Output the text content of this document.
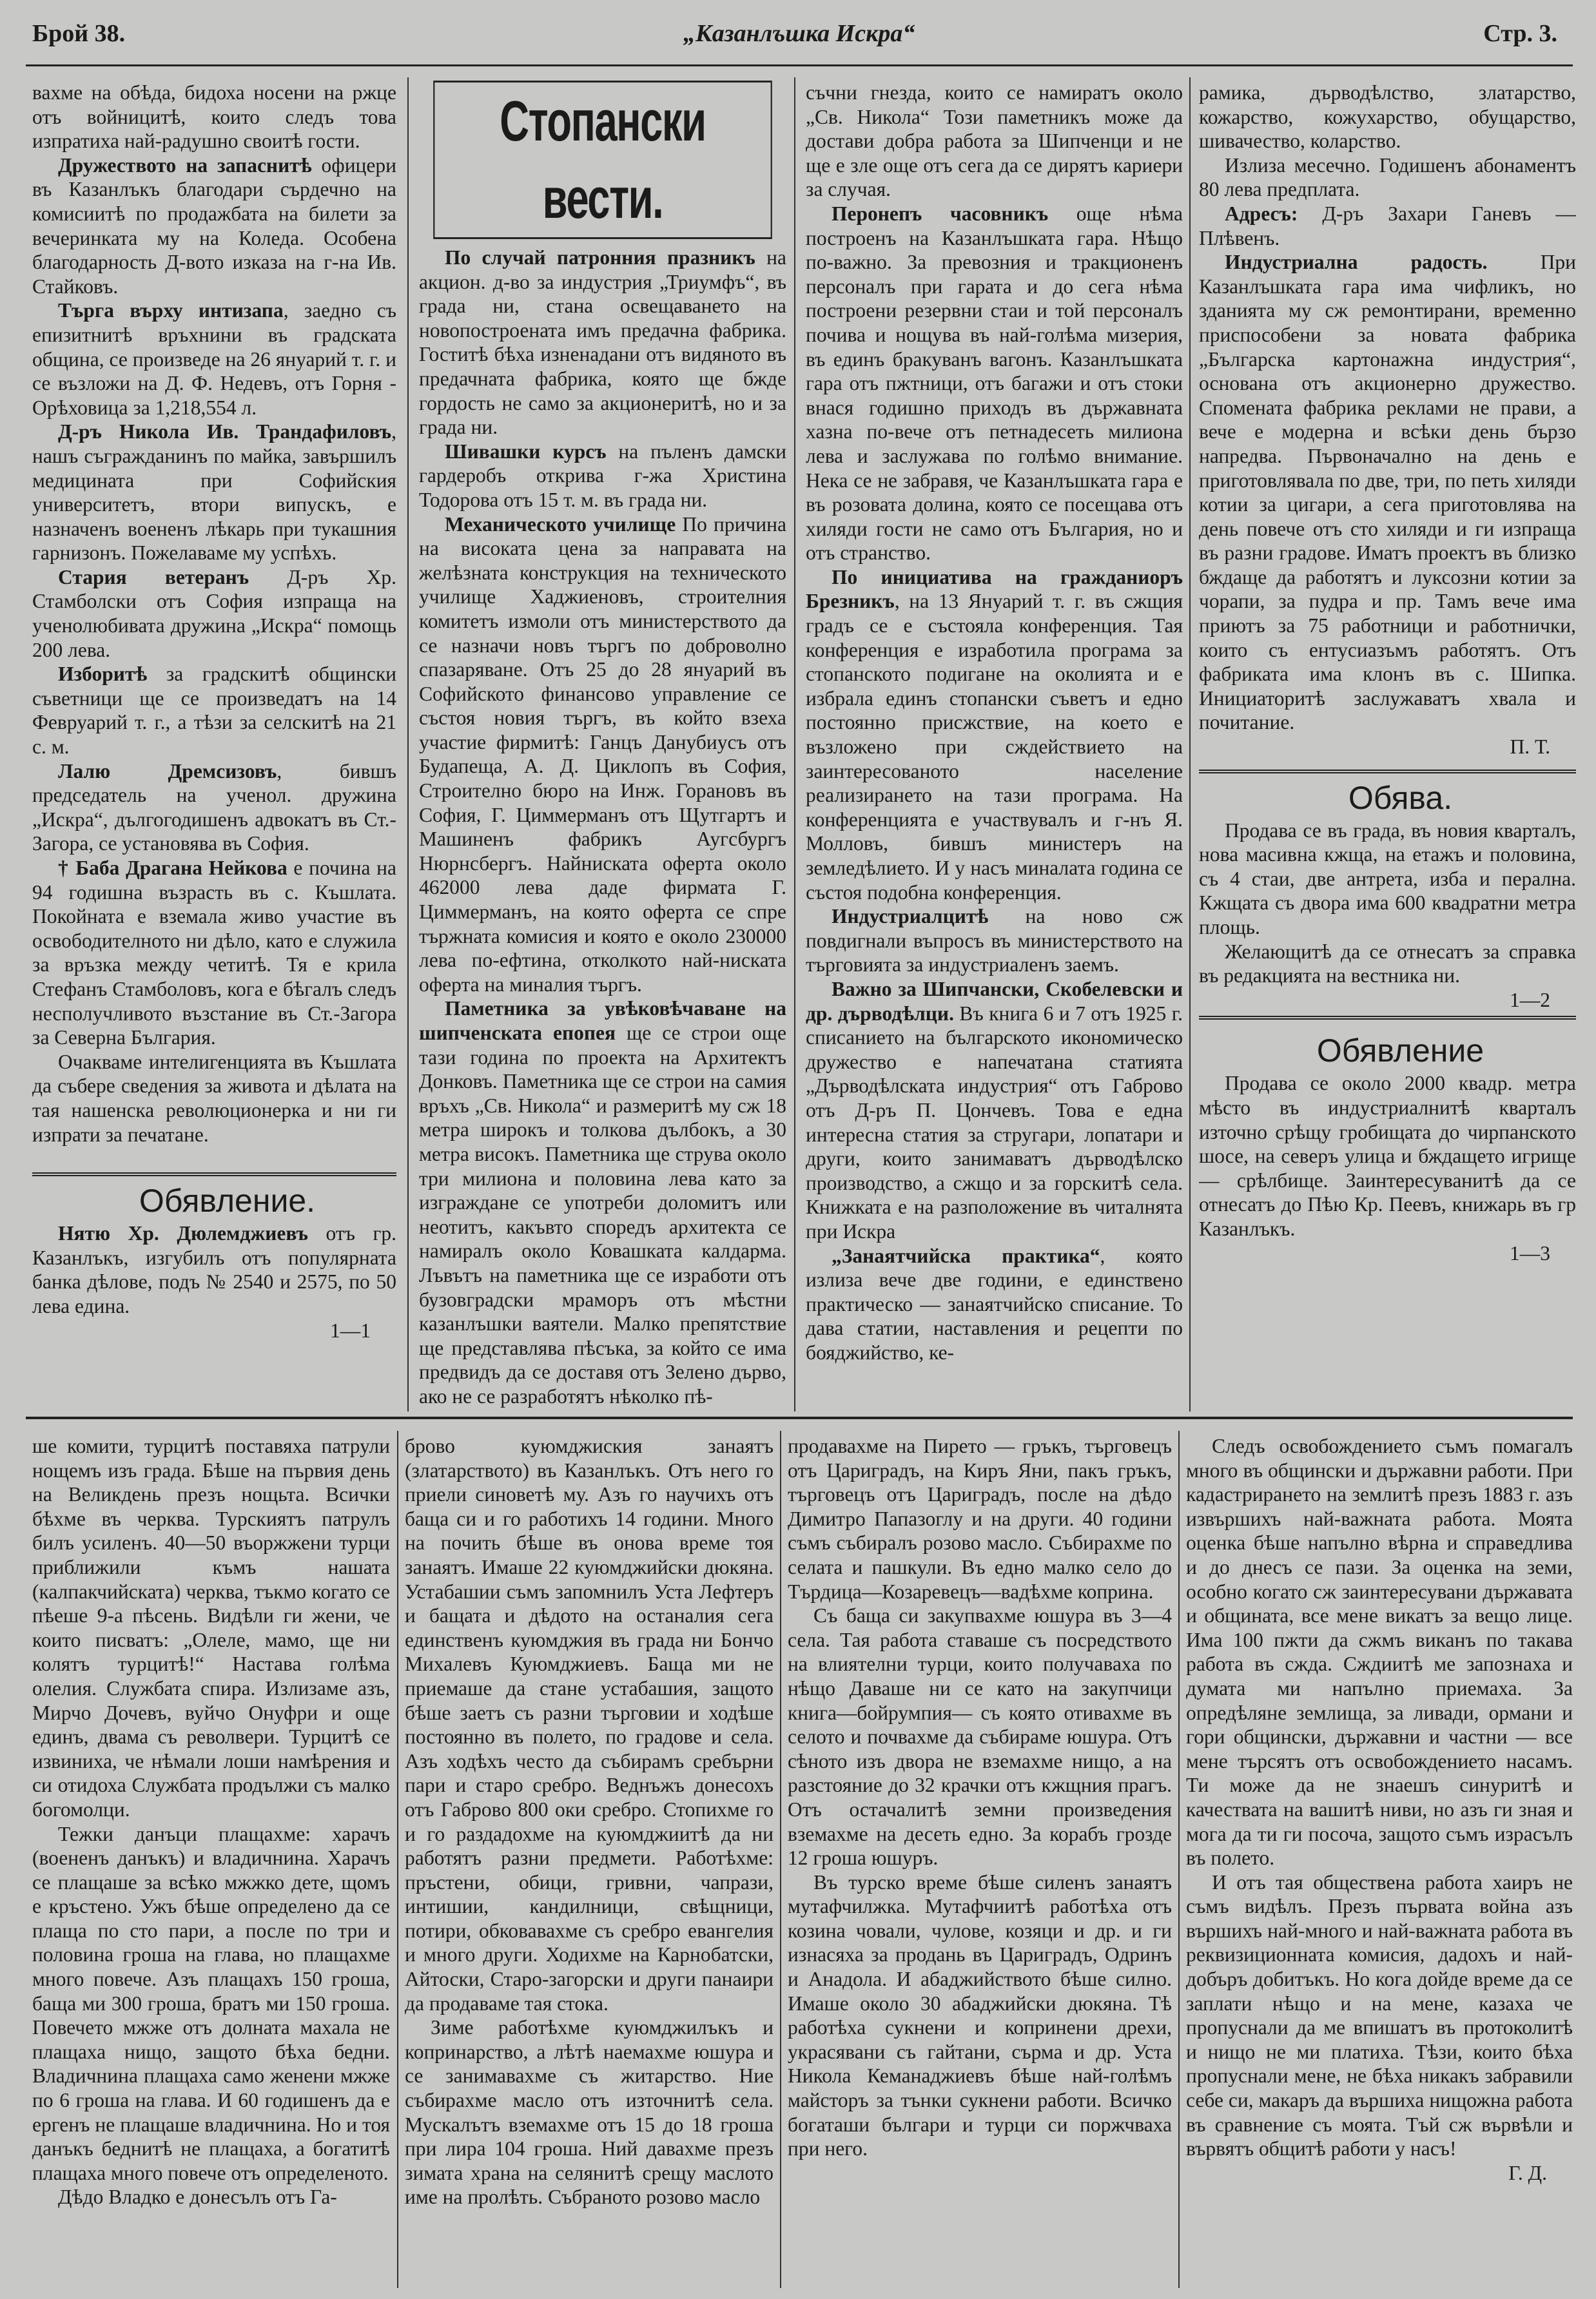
Брой 38.	„Казанлъшка Искра“	Стр. 3.

вахме на обѣда, бидоха носени на ржце отъ войницитѣ, които следъ това изпратиха най-радушно своитѣ гости.

Дружеството на запаснитѣ офицери въ Казанлъкъ благодари сърдечно на комисиитѣ по продажбата на билети за вечеринката му на Коледа. Особена благодарность Д-вото изказа на г-на Ив. Стайковъ.

Търга върху интизапа, заедно съ епизитнитѣ връхнини въ градската община, се произведе на 26 януарий т. г. и се възложи на Д. Ф. Недевъ, отъ Горня - Орѣховица за 1,218,554 л.

Д-ръ Никола Ив. Трандафиловъ, нашъ съгражданинъ по майка, завършилъ медицината при Софийския университетъ, втори випускъ, е назначенъ воененъ лѣкарь при тукашния гарнизонъ. Пожелаваме му успѣхъ.

Стария ветеранъ Д-ръ Хр. Стамболски отъ София изпраща на ученолюбивата дружина „Искра“ помощь 200 лева.

Изборитѣ за градскитѣ общински съветници ще се произведатъ на 14 Февруарий т. г., а тѣзи за селскитѣ на 21 с. м.

Лалю Дремсизовъ, бившъ председатель на ученол. дружина „Искра“, дългогодишенъ адвокатъ въ Ст.-Загора, се установява въ София.

† Баба Драгана Нейкова е почина на 94 годишна възрасть въ с. Къшлата. Покойната е вземала живо участие въ освободителното ни дѣло, като е служила за връзка между четитѣ. Тя е крила Стефанъ Стамболовъ, кога е бѣгалъ следъ несполучливото възстание въ Ст.-Загора за Северна България.

Очакваме интелигенцията въ Къшлата да събере сведения за живота и дѣлата на тая нашенска революционерка и ни ги изпрати за печатане.

Обявление.

Нятю Хр. Дюлемджиевъ отъ гр. Казанлъкъ, изгубилъ отъ популярната банка дѣлове, подъ № 2540 и 2575, по 50 лева едина.

1—1

Стопански вести.

По случай патронния празникъ на акцион. д-во за индустрия „Триумфъ“, въ града ни, стана освещаването на новопостроената имъ предачна фабрика. Гоститѣ бѣха изненадани отъ видяното въ предачната фабрика, която ще бжде гордость не само за акционеритѣ, но и за града ни.

Шивашки курсъ на пъленъ дамски гардеробъ открива г-жа Христина Тодорова отъ 15 т. м. въ града ни.

Механическото училище По причина на високата цена за направата на желѣзната конструкция на техническото училище Хаджиеновъ, строителния комитетъ измоли отъ министерството да се назначи новъ търгъ по доброволно спазаряване. Отъ 25 до 28 януарий въ Софийското финансово управление се състоя новия търгъ, въ който взеха участие фирмитѣ: Ганцъ Данубиусъ отъ Будапеща, А. Д. Циклопъ въ София, Строително бюро на Инж. Горановъ въ София, Г. Циммерманъ отъ Щутгартъ и Машиненъ фабрикъ Аугсбургъ Нюрнсбергъ. Найниската оферта около 462000 лева даде фирмата Г. Циммерманъ, на която оферта се спре тържната комисия и която е около 230000 лева по-ефтина, отколкото най-ниската оферта на миналия търгъ.

Паметника за увѣковѣчаване на шипченската епопея ще се строи още тази година по проекта на Архитектъ Донковъ. Паметника ще се строи на самия връхъ „Св. Никола“ и размеритѣ му сж 18 метра широкъ и толкова дълбокъ, а 30 метра високъ. Паметника ще струва около три милиона и половина лева като за изграждане се употреби доломитъ или неотитъ, какъвто споредъ архитекта се намиралъ около Ковашката калдарма. Лъвътъ на паметника ще се изработи отъ бузовградски мраморъ отъ мѣстни казанлъшки ваятели. Малко препятствие ще представлява пѣсъка, за който се има предвидъ да се доставя отъ Зелено дърво, ако не се разработятъ нѣколко пѣ-

съчни гнезда, които се намиратъ около „Св. Никола“ Този паметникъ може да достави добра работа за Шипченци и не ще е зле още отъ сега да се дирятъ кариери за случая.

Перонепъ часовникъ още нѣма построенъ на Казанлъшката гара. Нѣщо по-важно. За превозния и тракционенъ персоналъ при гарата и до сега нѣма построени резервни стаи и той персоналъ почива и нощува въ най-голѣма мизерия, въ единъ бракуванъ вагонъ. Казанлъшката гара отъ пжтници, отъ багажи и отъ стоки внася годишно приходъ въ държавната хазна по-вече отъ петнадесеть милиона лева и заслужава по голѣмо внимание. Нека се не забравя, че Казанлъшката гара е въ розовата долина, която се посещава отъ хиляди гости не само отъ България, но и отъ странство.

По инициатива на гражданиоръ Брезникъ, на 13 Януарий т. г. въ сжщия градъ се е състояла конференция. Тая конференция е изработила програма за стопанското подигане на околията и е избрала единъ стопански съветъ и едно постоянно присжствие, на което е възложено при сждействието на заинтересованото население реализирането на тази програма. На конференцията е участвувалъ и г-нъ Я. Молловъ, бившъ министеръ на земледѣлието. И у насъ миналата година се състоя подобна конференция.

Индустриалцитѣ на ново сж повдигнали въпросъ въ министерството на търговията за индустриаленъ заемъ.

Важно за Шипчански, Скобелевски и др. дърводѣлци. Въ книга 6 и 7 отъ 1925 г. списанието на българското икономическо дружество е напечатана статията „Дърводѣлската индустрия“ отъ Габрово отъ Д-ръ П. Цончевъ. Това е една интересна статия за стругари, лопатари и други, които занимаватъ дърводѣлско производство, а сжщо и за горскитѣ села. Книжката е на разположение въ читалнята при Искра

„Занаятчийска практика“, която излиза вече две години, е единствено практическо — занаятчийско списание. То дава статии, наставления и рецепти по бояджийство, ке-

рамика, дърводѣлство, златарство, кожарство, кожухарство, обущарство, шивачество, коларство.

Излиза месечно. Годишенъ абонаментъ 80 лева предплата.

Адресъ: Д-ръ Захари Ганевъ — Плѣвенъ.

Индустриална радость. При Казанлъшката гара има чифликъ, но зданията му сж ремонтирани, временно приспособени за новата фабрика „Българска картонажна индустрия“, основана отъ акционерно дружество. Спомената фабрика реклами не прави, а вече е модерна и всѣки день бързо напредва. Първоначално на день е приготовлявала по две, три, по петь хиляди котии за цигари, а сега приготовлява на день повече отъ сто хиляди и ги изпраща въ разни градове. Иматъ проектъ въ близко бждаще да работятъ и луксозни котии за чорапи, за пудра и пр. Тамъ вече има приютъ за 75 работници и работнички, които съ ентусиазъмъ работятъ. Отъ фабриката има клонъ въ с. Шипка. Инициаторитѣ заслужаватъ хвала и почитание.

П. Т.

Обява.

Продава се въ града, въ новия кварталъ, нова масивна кжща, на етажъ и половина, съ 4 стаи, две антрета, изба и перална. Кжщата съ двора има 600 квадратни метра площь.

Желающитѣ да се отнесатъ за справка въ редакцията на вестника ни.

1—2

Обявление

Продава се около 2000 квадр. метра мѣсто въ индустриалнитѣ кварталъ източно срѣщу гробищата до чирпанското шосе, на северъ улица и бждащето игрище — срѣлбище. Заинтересуванитѣ да се отнесатъ до Пѣю Кр. Пеевъ, книжарь въ гр Казанлъкъ.

1—3

ше комити, турцитѣ поставяха патрули нощемъ изъ града. Бѣше на първия день на Великдень презъ нощьта. Всички бѣхме въ черква. Турскиятъ патрулъ билъ усиленъ. 40—50 въоржжени турци приближили къмъ нашата (калпакчийската) черква, тъкмо когато се пѣеше 9-а пѣсень. Видѣли ги жени, че които писватъ: „Олеле, мамо, ще ни колятъ турцитѣ!“ Настава голѣма олелия. Службата спира. Излизаме азъ, Мирчо Дочевъ, вуйчо Онуфри и още единъ, двама съ револвери. Турцитѣ се извиниха, че нѣмали лоши намѣрения и си отидоха Службата продължи съ малко богомолци.

Тежки данъци плащахме: харачъ (воененъ данъкъ) и владичнина. Харачъ се плащаше за всѣко мжжко дете, щомъ е кръстено. Ужъ бѣше определено да се плаща по сто пари, а после по три и половина гроша на глава, но плащахме много повече. Азъ плащахъ 150 гроша, баща ми 300 гроша, братъ ми 150 гроша. Повечето мжже отъ долната махала не плащаха нищо, защото бѣха бедни. Владичнина плащаха само женени мжже по 6 гроша на глава. И 60 годишенъ да е ергенъ не плащаше владичнина. Но и тоя данъкъ беднитѣ не плащаха, а богатитѣ плащаха много повече отъ определеното.

Дѣдо Владко е донесълъ отъ Га-

брово куюмджиския занаятъ (златарството) въ Казанлъкъ. Отъ него го приели синоветѣ му. Азъ го научихъ отъ баща си и го работихъ 14 години. Много на почить бѣше въ онова време тоя занаятъ. Имаше 22 куюмджийски дюкяна. Устабашии съмъ запомнилъ Уста Лефтеръ и бащата и дѣдото на останалия сега единственъ куюмджия въ града ни Бончо Михалевъ Куюмджиевъ. Баща ми не приемаше да стане устабашия, защото бѣше заетъ съ разни търговии и ходѣше постоянно въ полето, по градове и села. Азъ ходѣхъ често да събирамъ сребърни пари и старо сребро. Веднъжъ донесохъ отъ Габрово 800 оки сребро. Стопихме го и го раздадохме на куюмджиитѣ да ни работятъ разни предмети. Работѣхме: пръстени, обици, гривни, чапрази, интишии, кандилници, свѣщници, потири, обковавахме съ сребро евангелия и много други. Ходихме на Карнобатски, Айтоски, Старо-загорски и други панаири да продаваме тая стока.

Зиме работѣхме куюмджилъкъ и копринарство, а лѣтѣ наемахме юшура и се занимавахме съ житарство. Ние събирахме масло отъ източнитѣ села. Мускалътъ вземахме отъ 15 до 18 гроша при лира 104 гроша. Ний давахме презъ зимата храна на селянитѣ срещу маслото име на пролѣть. Събраното розово масло

продавахме на Пирето — гръкъ, търговецъ отъ Цариградъ, на Киръ Яни, пакъ гръкъ, търговецъ отъ Цариградъ, после на дѣдо Димитро Папазоглу и на други. 40 години съмъ събиралъ розово масло. Събирахме по селата и пашкули. Въ едно малко село до Търдица—Козаревецъ—вадѣхме коприна.

Съ баща си закупвахме юшура въ 3—4 села. Тая работа ставаше съ посредството на влиятелни турци, които получаваха по нѣщо Даваше ни се като на закупчици книга—бойрумпия— съ която отивахме въ селото и почвахме да събираме юшура. Отъ сѣното изъ двора не вземахме нищо, а на разстояние до 32 крачки отъ кжщния прагъ. Отъ остачалитѣ земни произведения вземахме на десеть едно. За корабъ грозде 12 гроша юшуръ.

Въ турско време бѣше силенъ занаятъ мутафчилжка. Мутафчиитѣ работѣха отъ козина човали, чулове, козяци и др. и ги изнасяха за продань въ Цариградъ, Одринъ и Анадола. И абаджийството бѣше силно. Имаше около 30 абаджийски дюкяна. Тѣ работѣха сукнени и копринени дрехи, украсявани съ гайтани, сърма и др. Уста Никола Кеманаджиевъ бѣше най-голѣмъ майсторъ за тънки сукнени работи. Всичко богаташи българи и турци си поржчваха при него.

Следъ освобождението съмъ помагалъ много въ общински и държавни работи. При кадастрирането на землитѣ презъ 1883 г. азъ извършихъ най-важната работа. Моята оценка бѣше напълно вѣрна и справедлива и до днесъ се пази. За оценка на земи, особно когато сж заинтересувани държавата и общината, все мене викатъ за вещо лице. Има 100 пжти да сжмъ виканъ по такава работа въ сжда. Сждиитѣ ме запознаха и думата ми напълно приемаха. За опредѣляне землища, за ливади, ормани и гори общински, държавни и частни — все мене търсятъ отъ освобождението насамъ. Ти може да не знаешъ синуритѣ и качествата на вашитѣ ниви, но азъ ги зная и мога да ти ги посоча, защото съмъ израсълъ въ полето.

И отъ тая обществена работа хаиръ не съмъ видѣлъ. Презъ първата война азъ вършихъ най-много и най-важната работа въ реквизиционната комисия, дадохъ и най-добъръ добитъкъ. Но кога дойде време да се заплати нѣщо и на мене, казаха че пропуснали да ме впишатъ въ протоколитѣ и нищо не ми платиха. Тѣзи, които бѣха пропуснали мене, не бѣха никакъ забравили себе си, макаръ да вършиха нищожна работа въ сравнение съ моята. Тъй сж вървѣли и вървятъ общитѣ работи у насъ!

Г. Д.
